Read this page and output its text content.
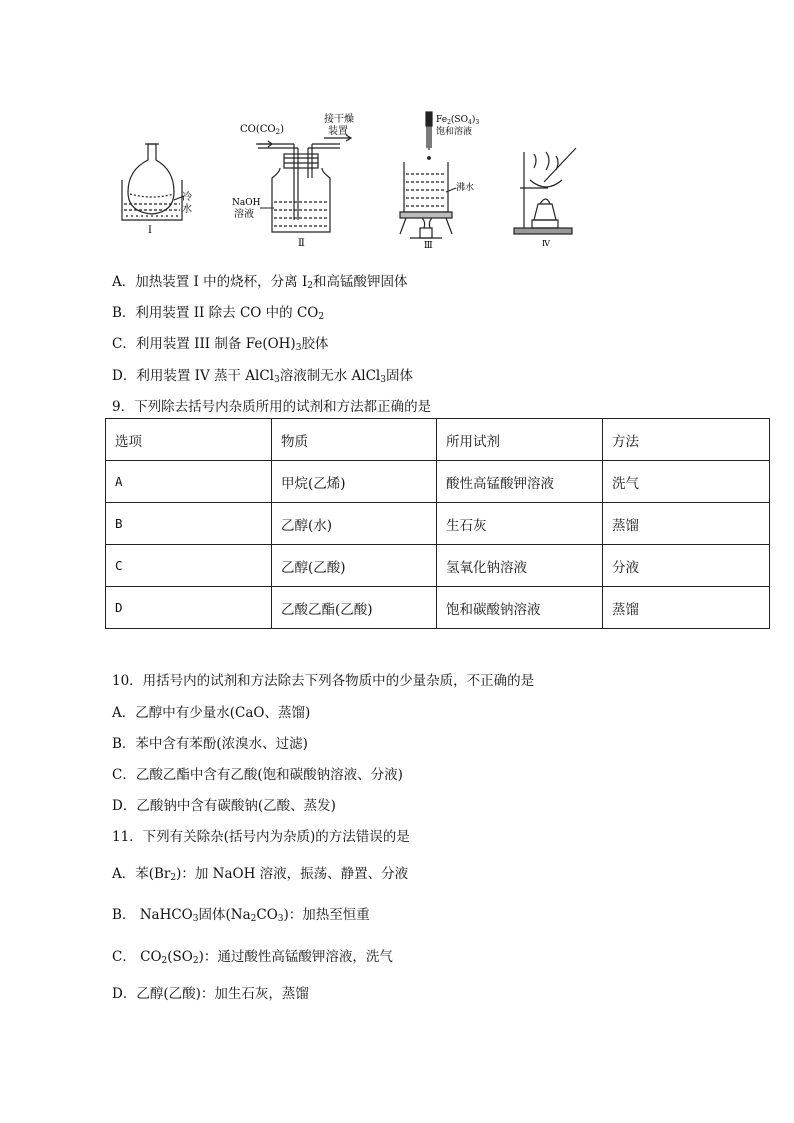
冷
水
Ⅰ
$CO(CO_2)$
接干燥
装置
NaOH
溶液
Ⅱ
$Fe_2(SO_4)_3$
饱和溶液
沸水
Ⅲ	Ⅳ
A．加热装置 I 中的烧杯，分离 $I_2$和高锰酸钾固体
B．利用装置 II 除去 CO 中的 $CO_2$
C．利用装置 III 制备 $Fe(OH)_3$胶体
D．利用装置 IV 蒸干 AlCl$_3$溶液制无水 AlCl$_3$固体
9．下列除去括号内杂质所用的试剂和方法都正确的是
选项	物质	所用试剂	方法
A	甲烷(乙烯)	酸性高锰酸钾溶液	洗气
B	乙醇(水)	生石灰	蒸馏
C	乙醇(乙酸)	氢氧化钠溶液	分液
D	乙酸乙酯(乙酸)	饱和碳酸钠溶液	蒸馏
10．用括号内的试剂和方法除去下列各物质中的少量杂质，不正确的是
A．乙醇中有少量水(CaO、蒸馏)
B．苯中含有苯酚(浓溴水、过滤)
C．乙酸乙酯中含有乙酸(饱和碳酸钠溶液、分液)
D．乙酸钠中含有碳酸钠(乙酸、蒸发)
11．下列有关除杂(括号内为杂质)的方法错误的是
A．苯$(Br_2)$：加 NaOH 溶液，振荡、静置、分液
B． NaHCO$_3$固体$(Na_2CO_3)$：加热至恒重
C． $CO_2(SO_2)$：通过酸性高锰酸钾溶液，洗气
D．乙醇(乙酸)：加生石灰，蒸馏
